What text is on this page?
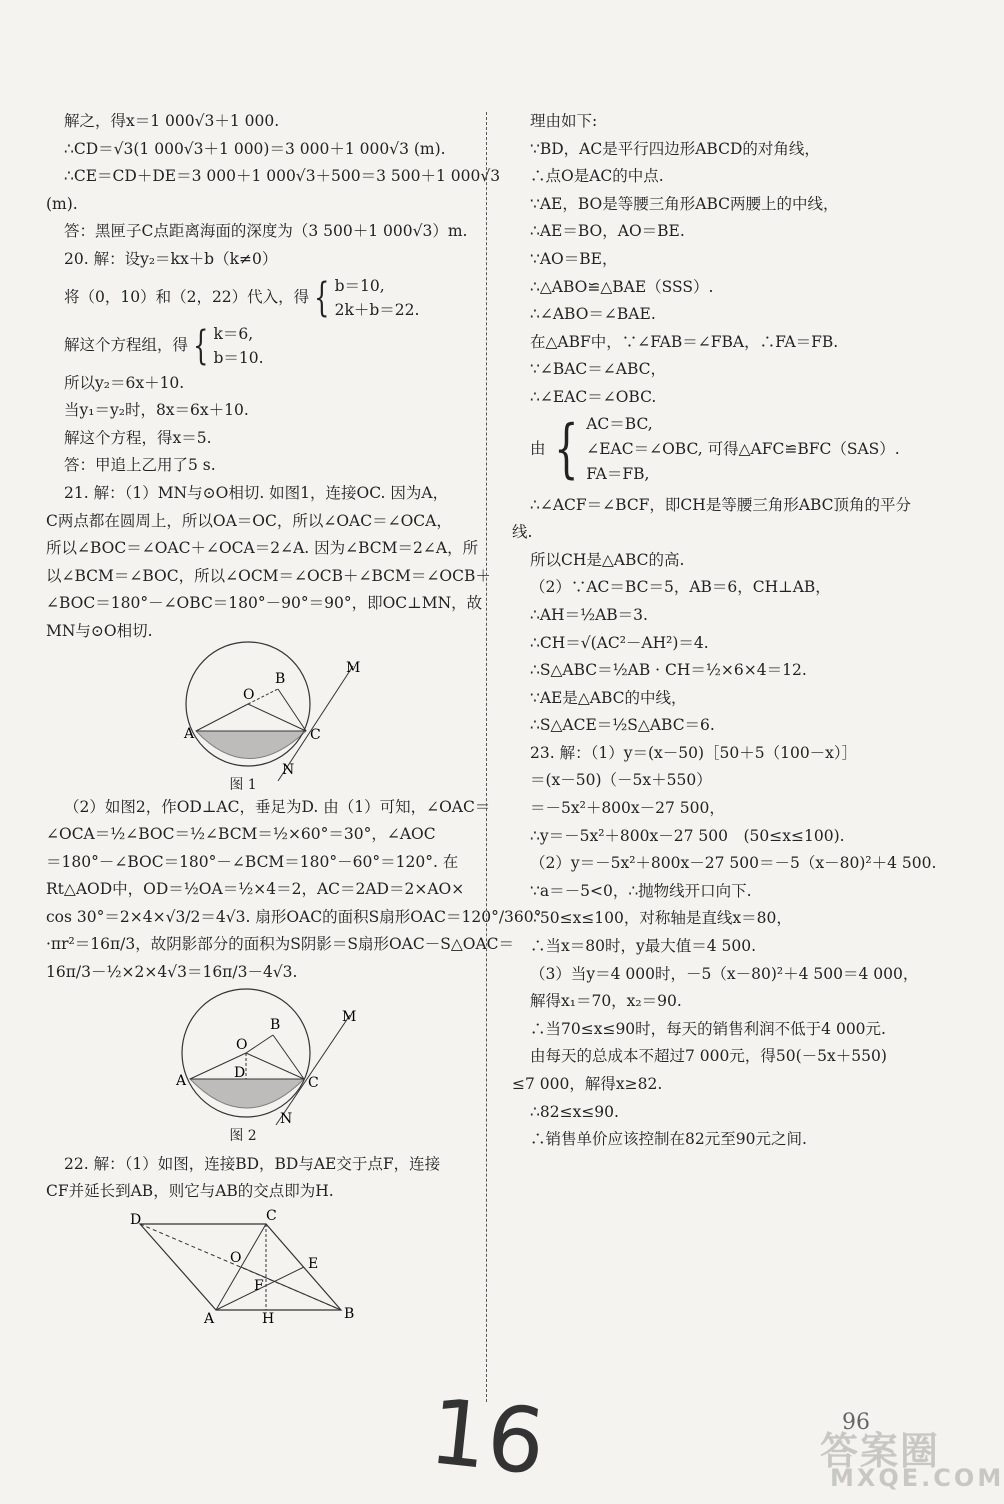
解之，得x＝1 000√3＋1 000.
∴CD＝√3(1 000√3＋1 000)＝3 000＋1 000√3 (m).
∴CE＝CD＋DE＝3 000＋1 000√3＋500＝3 500＋1 000√3
(m).
答：黑匣子C点距离海面的深度为（3 500＋1 000√3）m.
20. 解：设y₂＝kx＋b（k≠0）
将（0，10）和（2，22）代入，得 { b＝10,
2k＋b＝22.
解这个方程组，得 { k＝6,
b＝10.
所以y₂＝6x＋10.
当y₁＝y₂时，8x＝6x＋10.
解这个方程，得x＝5.
答：甲追上乙用了5 s.
21. 解：（1）MN与⊙O相切. 如图1，连接OC. 因为A，
C两点都在圆周上，所以OA＝OC，所以∠OAC＝∠OCA，
所以∠BOC＝∠OAC＋∠OCA＝2∠A. 因为∠BCM＝2∠A，所
以∠BCM＝∠BOC，所以∠OCM＝∠OCB＋∠BCM＝∠OCB＋
∠BOC＝180°－∠OBC＝180°－90°＝90°，即OC⊥MN，故
MN与⊙O相切.
O
B
M
A	C
N
图 1
（2）如图2，作OD⊥AC，垂足为D. 由（1）可知，∠OAC＝
∠OCA＝½∠BOC＝½∠BCM＝½×60°＝30°，∠AOC
＝180°－∠BOC＝180°－∠BCM＝180°－60°＝120°. 在
Rt△AOD中，OD＝½OA＝½×4＝2，AC＝2AD＝2×AO×
cos 30°＝2×4×√3/2＝4√3. 扇形OAC的面积S扇形OAC＝120°/360°
·πr²＝16π/3，故阴影部分的面积为S阴影＝S扇形OAC－S△OAC＝
16π/3－½×2×4√3＝16π/3－4√3.
O
B	M
A	D
C
N
图 2
22. 解：（1）如图，连接BD，BD与AE交于点F，连接
CF并延长到AB，则它与AB的交点即为H.
D	C
O	E
F
A	H	B
理由如下:
∵BD，AC是平行四边形ABCD的对角线，
∴点O是AC的中点.
∵AE，BO是等腰三角形ABC两腰上的中线，
∴AE＝BO，AO＝BE.
∵AO＝BE，
∴△ABO≌△BAE（SSS）.
∴∠ABO＝∠BAE.
在△ABF中，∵∠FAB＝∠FBA，∴FA＝FB.
∵∠BAC＝∠ABC，
∴∠EAC＝∠OBC.
由 { AC＝BC,
∠EAC＝∠OBC, 可得△AFC≌BFC（SAS）.
FA＝FB,
∴∠ACF＝∠BCF，即CH是等腰三角形ABC顶角的平分
线.
所以CH是△ABC的高.
（2）∵AC＝BC＝5，AB＝6，CH⊥AB，
∴AH＝½AB＝3.
∴CH＝√(AC²－AH²)＝4.
∴S△ABC＝½AB · CH＝½×6×4＝12.
∵AE是△ABC的中线，
∴S△ACE＝½S△ABC＝6.
23. 解：（1）y＝(x－50)［50＋5（100－x）］
＝(x－50)（－5x＋550）
＝－5x²＋800x－27 500，
∴y＝－5x²＋800x－27 500　(50≤x≤100).
（2）y＝－5x²＋800x－27 500＝－5（x－80)²＋4 500.
∵a＝－5<0，∴抛物线开口向下.
∵50≤x≤100，对称轴是直线x＝80，
∴当x＝80时，y最大值＝4 500.
（3）当y＝4 000时，－5（x－80)²＋4 500＝4 000，
解得x₁＝70，x₂＝90.
∴当70≤x≤90时，每天的销售利润不低于4 000元.
由每天的总成本不超过7 000元，得50(－5x＋550)
≤7 000，解得x≥82.
∴82≤x≤90.
∴销售单价应该控制在82元至90元之间.
16	96
答案圈
MXQE.COM
